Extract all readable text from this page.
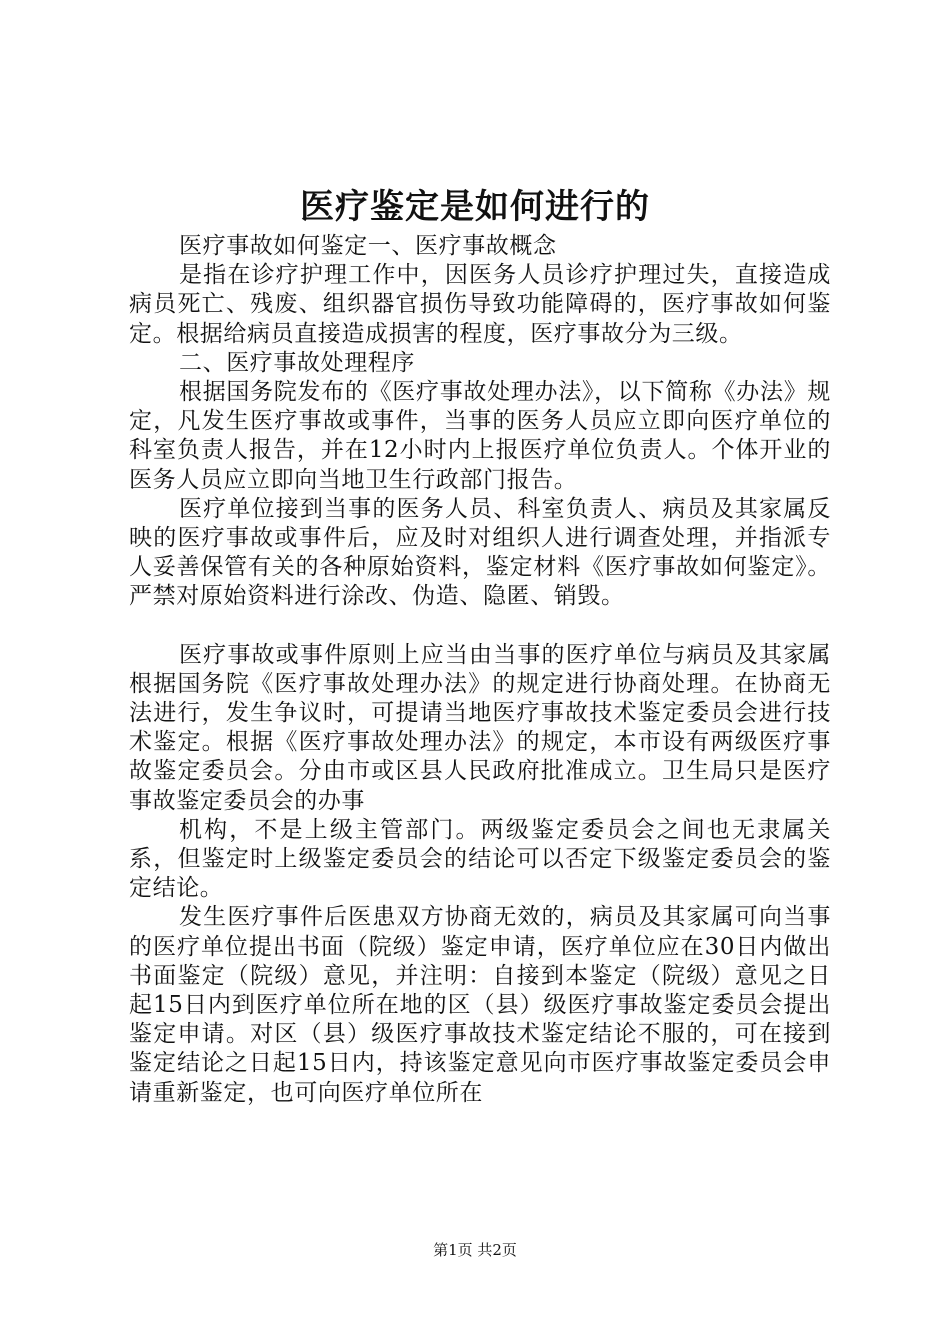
医疗鉴定是如何进行的

医疗事故如何鉴定一、医疗事故概念

是指在诊疗护理工作中，因医务人员诊疗护理过失，直接造成病员死亡、残废、组织器官损伤导致功能障碍的，医疗事故如何鉴定。根据给病员直接造成损害的程度，医疗事故分为三级。

二、医疗事故处理程序

根据国务院发布的《医疗事故处理办法》，以下简称《办法》规定，凡发生医疗事故或事件，当事的医务人员应立即向医疗单位的科室负责人报告，并在12小时内上报医疗单位负责人。个体开业的医务人员应立即向当地卫生行政部门报告。

医疗单位接到当事的医务人员、科室负责人、病员及其家属反映的医疗事故或事件后，应及时对组织人进行调查处理，并指派专人妥善保管有关的各种原始资料，鉴定材料《医疗事故如何鉴定》。严禁对原始资料进行涂改、伪造、隐匿、销毁。

医疗事故或事件原则上应当由当事的医疗单位与病员及其家属根据国务院《医疗事故处理办法》的规定进行协商处理。在协商无法进行，发生争议时，可提请当地医疗事故技术鉴定委员会进行技术鉴定。根据《医疗事故处理办法》的规定，本市设有两级医疗事故鉴定委员会。分由市或区县人民政府批准成立。卫生局只是医疗事故鉴定委员会的办事

机构，不是上级主管部门。两级鉴定委员会之间也无隶属关系，但鉴定时上级鉴定委员会的结论可以否定下级鉴定委员会的鉴定结论。

发生医疗事件后医患双方协商无效的，病员及其家属可向当事的医疗单位提出书面（院级）鉴定申请，医疗单位应在30日内做出书面鉴定（院级）意见，并注明：自接到本鉴定（院级）意见之日起15日内到医疗单位所在地的区（县）级医疗事故鉴定委员会提出鉴定申请。对区（县）级医疗事故技术鉴定结论不服的，可在接到鉴定结论之日起15日内，持该鉴定意见向市医疗事故鉴定委员会申请重新鉴定，也可向医疗单位所在

第1页 共2页
